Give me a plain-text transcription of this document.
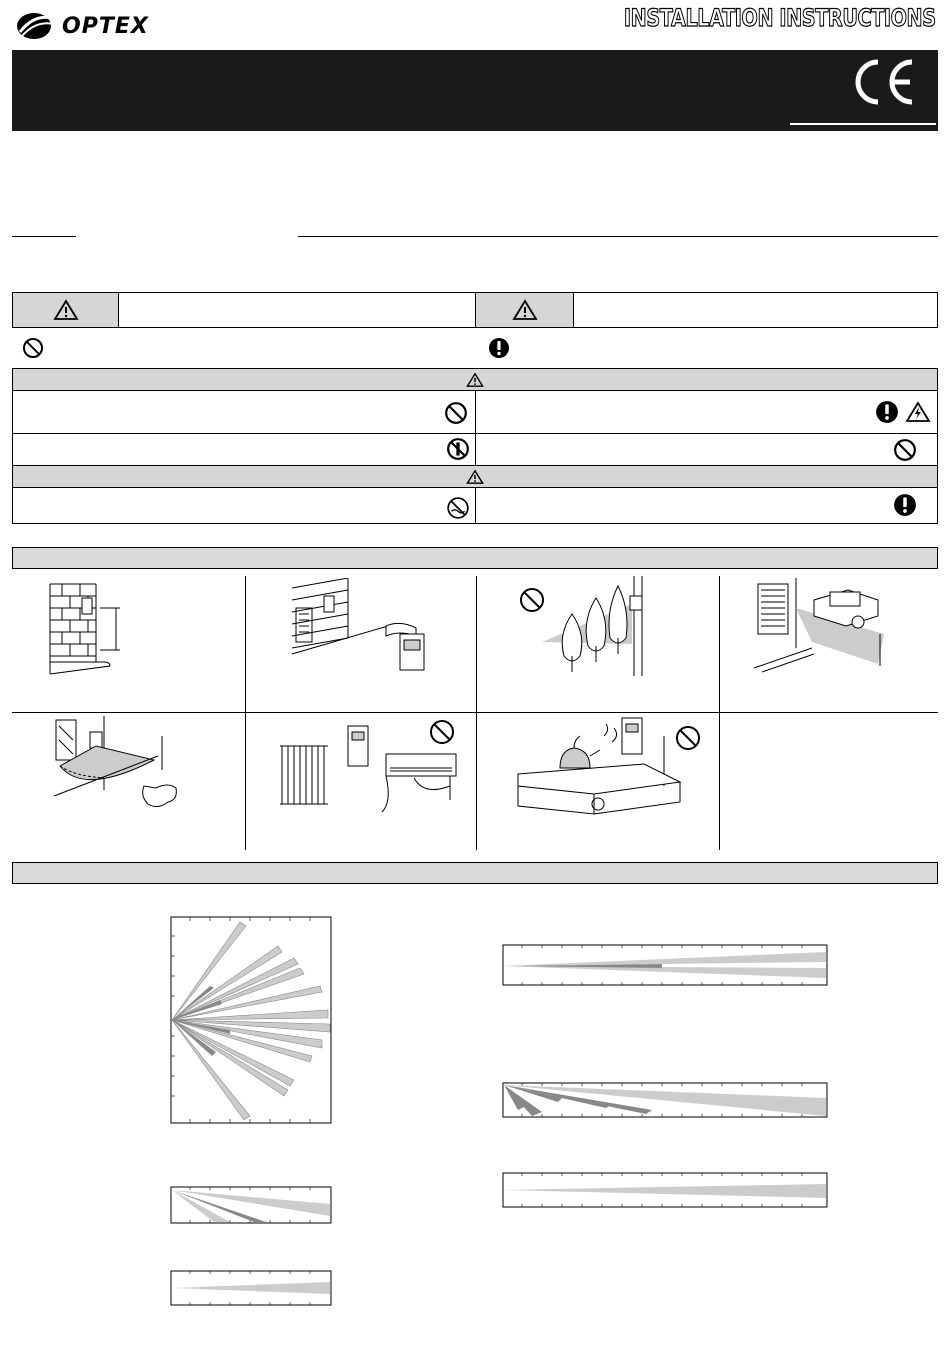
OPTEX	INSTALLATION INSTRUCTIONS
